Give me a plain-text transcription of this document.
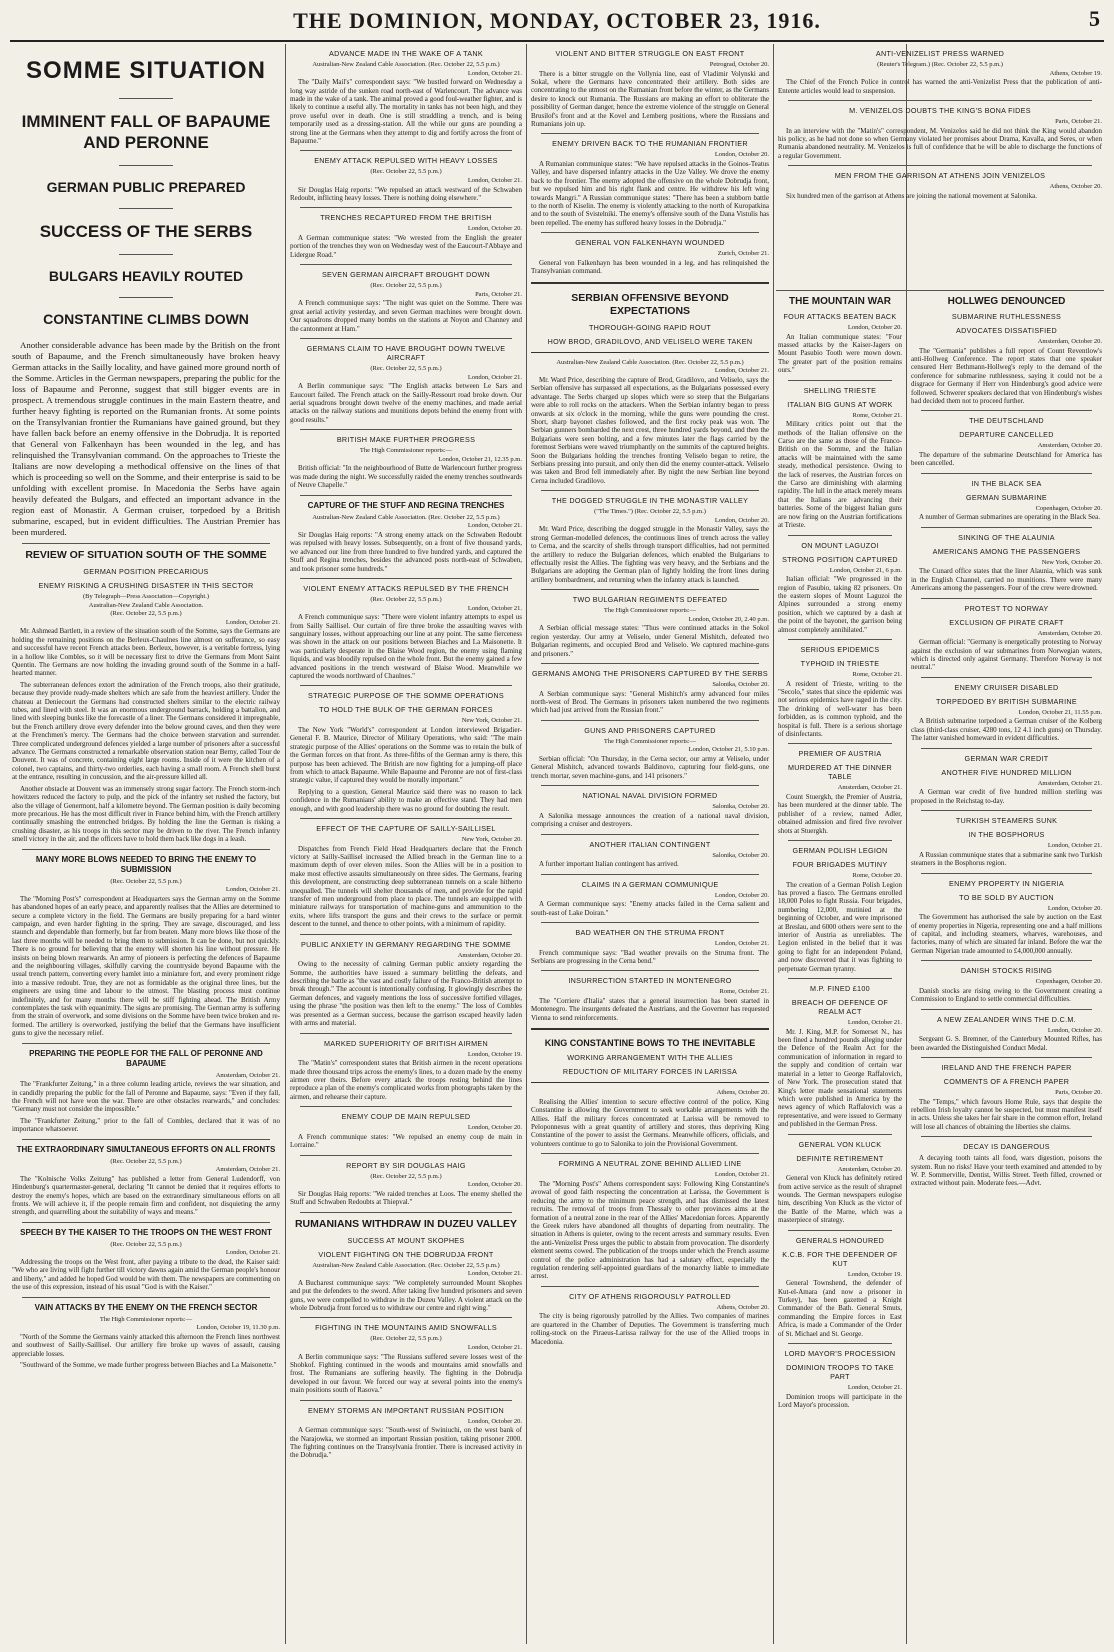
THE DOMINION, MONDAY, OCTOBER 23, 1916.	5
SOMME SITUATION
IMMINENT FALL OF BAPAUME AND PERONNE
GERMAN PUBLIC PREPARED
SUCCESS OF THE SERBS
BULGARS HEAVILY ROUTED
CONSTANTINE CLIMBS DOWN

Another considerable advance has been made by the British on the front south of Bapaume, and the French simultaneously have broken heavy German attacks in the Sailly locality, and have gained more ground north of the Somme. Articles in the German newspapers, preparing the public for the loss of Bapaume and Peronne, suggest that still bigger events are in prospect. A tremendous struggle continues in the main Eastern theatre, and further heavy fighting is reported on the Rumanian fronts. At some points on the Transylvanian frontier the Rumanians have gained ground, but they have fallen back before an enemy offensive in the Dobrudja. It is reported that General von Falkenhayn has been wounded in the leg, and has relinquished the Transylvanian command. On the approaches to Trieste the Italians are now developing a methodical offensive on the lines of that which is proceeding so well on the Somme, and their enterprise is said to be unfolding with excellent promise. In Macedonia the Serbs have again heavily defeated the Bulgars, and effected an important advance in the region east of Monastir. A German cruiser, torpedoed by a British submarine, escaped, but in evident difficulties. The Austrian Premier has been murdered.

REVIEW OF SITUATION SOUTH OF THE SOMME
GERMAN POSITION PRECARIOUS
ENEMY RISKING A CRUSHING DISASTER IN THIS SECTOR
(By Telegraph—Press Association—Copyright.)
Australian-New Zealand Cable Association.
(Rec. October 22, 5.5 p.m.)
London, October 21.

Mr. Ashmead Bartlett, in a review of the situation south of the Somme, says the Germans are holding the remaining positions on the Berleux-Chaulnes line almost on sufferance, so easy and successful have recent French attacks been. Berleux, however, is a veritable fortress, lying in a hollow like Combles, so it will be necessary first to drive the Germans from Mont Saint Quentin. The Germans are now holding the invading ground south of the Somme in a half-hearted manner.

The subterranean defences extort the admiration of the French troops, also their gratitude, because they provide ready-made shelters which are safe from the heaviest artillery. Under the chateau at Deniecourt the Germans had constructed shelters similar to the electric railway tubes, and lined with steel. It was an enormous underground barrack, holding a battalion, and lined with sleeping bunks like the forecastle of a liner. The Germans considered it impregnable, but the French artillery drove every defender into the below ground caves, and then they were at the Frenchmen's mercy. The Germans had the choice between starvation and surrender. Three complicated underground defences yielded a large number of prisoners after a successful advance. The Germans constructed a remarkable observation station near Berny, called Tour de Douvent. It was of concrete, containing eight large rooms. Inside of it were the kitchen of a colonel, two captains, and thirty-two orderlies, each having a small room. A French shell burst at the entrance, resulting in concussion, and the air-pressure killed all.

Another obstacle at Douvent was an immensely strong sugar factory. The French storm-inch howitzers reduced the factory to pulp, and the pick of the infantry set rushed the factory, but also the village of Genermont, half a kilometre beyond. The German position is daily becoming more precarious. He has the most difficult river in France behind him, with the French artillery continually smashing the entrenched bridges. By holding the line the German is risking a crushing disaster, as his troops in this sector may be driven to the river. The French infantry smell victory in the air, and the officers have to hold them back like dogs in a leash.

MANY MORE BLOWS NEEDED TO BRING THE ENEMY TO SUBMISSION
(Rec. October 22, 5.5 p.m.)
London, October 21.

The "Morning Post's" correspondent at Headquarters says the German army on the Somme has abandoned hopes of an early peace, and apparently realises that the Allies are determined to secure a complete victory in the field. The Germans are busily preparing for a hard winter campaign, and even harder fighting in the spring. They are savage, discouraged, and less staunch and dependable than formerly, but far from beaten. Many more blows like those of the last three months will be needed to bring them to submission. It can be done, but not quickly. There is no ground for believing that the enemy will shorten his line without pressure. He insists on being blown rearwards. An army of pioneers is perfecting the defences of Bapaume and the neighbouring villages, skilfully carving the countryside beyond Bapaume with the usual trench pattern, converting every hamlet into a miniature fort, and every prominent ridge into a massive redoubt. True, they are not as formidable as the original three lines, but the engineers are using time and labour to the utmost. The blasting process must continue indefinitely, and for many months there will be stiff fighting ahead. The British Army contemplates the task with equanimity. The signs are promising. The German army is suffering from the strain of overwork, and some divisions on the Somme have been twice broken and re-formed. The artillery is overworked, justifying the belief that the Germans have insufficient guns to give the necessary relief.

PREPARING THE PEOPLE FOR THE FALL OF PERONNE AND BAPAUME
Amsterdam, October 21.

The "Frankfurter Zeitung," in a three column leading article, reviews the war situation, and in candidly preparing the public for the fall of Peronne and Bapaume, says: "Even if they fall, the French will not have won the war. There are other obstacles rearwards," and concludes: "Germany must not consider the impossible."

The "Frankfurter Zeitung," prior to the fall of Combles, declared that it was of no importance whatsoever.

THE EXTRAORDINARY SIMULTANEOUS EFFORTS ON ALL FRONTS
(Rec. October 22, 5.5 p.m.)
Amsterdam, October 21.

The "Kolnische Volks Zeitung" has published a letter from General Ludendorff, von Hindenburg's quartermaster-general, declaring "It cannot be denied that it requires efforts to destroy the enemy's hopes, which are based on the extraordinary simultaneous efforts on all fronts. We will achieve it, if the people remain firm and confident, not disquieting the army strength, and quarrelling about the suitability of ways and means."

SPEECH BY THE KAISER TO THE TROOPS ON THE WEST FRONT
(Rec. October 22, 5.5 p.m.)
London, October 21.

Addressing the troops on the West front, after paying a tribute to the dead, the Kaiser said: "We who are living will fight further till victory dawns again amid the German people's honour and liberty," and added he hoped God would be with them. The newspapers are commenting on the use of this expression, instead of his usual "God is with the Kaiser."

VAIN ATTACKS BY THE ENEMY ON THE FRENCH SECTOR
The High Commissioner reports:—
London, October 19, 11.30 p.m.

"North of the Somme the Germans vainly attacked this afternoon the French lines northwest and southwest of Sailly-Saillisel. Our artillery fire broke up waves of assault, causing appreciable losses.

"Southward of the Somme, we made further progress between Biaches and La Maisonette."

ADVANCE MADE IN THE WAKE OF A TANK
Australian-New Zealand Cable Association. (Rec. October 22, 5.5 p.m.)
London, October 21.

The "Daily Mail's" correspondent says: "We hustled forward on Wednesday a long way astride of the sunken road north-east of Warlencourt. The advance was made in the wake of a tank. The animal proved a good foul-weather fighter, and is likely to continue a useful ally. The mortality in tanks has not been high, and they prove useful over in death. One is still straddling a trench, and is being temporarily used as a dressing-station. All the while our guns are pounding a strong line at the Germans when they attempt to dig and fortify across the front of Bapaume."

ENEMY ATTACK REPULSED WITH HEAVY LOSSES
(Rec. October 22, 5.5 p.m.)
London, October 21.

Sir Douglas Haig reports: "We repulsed an attack westward of the Schwaben Redoubt, inflicting heavy losses. There is nothing doing elsewhere."

TRENCHES RECAPTURED FROM THE BRITISH
London, October 20.

A German communique states: "We wrested from the English the greater portion of the trenches they won on Wednesday west of the Eaucourt-l'Abbaye and Lidergue Road."

SEVEN GERMAN AIRCRAFT BROUGHT DOWN
(Rec. October 22, 5.5 p.m.)
Paris, October 21.

A French communique says: "The night was quiet on the Somme. There was great aerial activity yesterday, and seven German machines were brought down. Our squadrons dropped many bombs on the stations at Noyon and Channey and the cantonment at Ham."

GERMANS CLAIM TO HAVE BROUGHT DOWN TWELVE AIRCRAFT
(Rec. October 22, 5.5 p.m.)
London, October 21.

A Berlin communique says: "The English attacks between Le Sars and Eaucourt failed. The French attack on the Sailly-Ressourt road broke down. Our aerial squadrons brought down twelve of the enemy machines, and made aerial attacks on the railway stations and munitions depots behind the enemy front with good results."

BRITISH MAKE FURTHER PROGRESS
The High Commissioner reports:—
London, October 21, 12.35 p.m.

British official: "In the neighbourhood of Butte de Warlencourt further progress was made during the night. We successfully raided the enemy trenches southwards of Neuve Chapelle."

CAPTURE OF THE STUFF AND REGINA TRENCHES
Australian-New Zealand Cable Association. (Rec. October 22, 5.5 p.m.)
London, October 21.

Sir Douglas Haig reports: "A strong enemy attack on the Schwaben Redoubt was repulsed with heavy losses. Subsequently, on a front of five thousand yards, we advanced our line from three hundred to five hundred yards, and captured the Stuff and Regina trenches, besides the advanced posts north-east of Schwaben, and took prisoner some hundreds."

VIOLENT ENEMY ATTACKS REPULSED BY THE FRENCH
(Rec. October 22, 5.5 p.m.)
London, October 21.

A French communique says: "There were violent infantry attempts to expel us from Sailly Saillisel. Our curtain of fire three broke the assaulting waves with sanguinary losses, without approaching our line at any point. The same fierceness was shown in the attack on our positions between Biaches and La Maisonette. It was particularly desperate in the Blaise Wood region, the enemy using flaming liquids, and was bloodily repulsed on the whole front. But the enemy gained a few advanced positions in the trench westward of Blaise Wood. Meanwhile we captured the woods northward of Chaulnes."

STRATEGIC PURPOSE OF THE SOMME OPERATIONS
TO HOLD THE BULK OF THE GERMAN FORCES
New York, October 21.

The New York "World's" correspondent at London interviewed Brigadier-General F. B. Maurice, Director of Military Operations, who said: "The main strategic purpose of the Allies' operations on the Somme was to retain the bulk of the German forces on that front. As three-fifths of the German army is there, this purpose has been achieved. The British are now fighting for a jumping-off place from which to attack Bapaume. While Bapaume and Peronne are not of first-class strategic value, if captured they would be morally important."

Replying to a question, General Maurice said there was no reason to lack confidence in the Rumanians' ability to make an effective stand. They had men enough, and with good leadership there was no ground for doubting the result.

EFFECT OF THE CAPTURE OF SAILLY-SAILLISEL
New York, October 20.

Dispatches from French Field Head Headquarters declare that the French victory at Sailly-Saillisel increased the Allied breach in the German line to a maximum depth of over eleven miles. Soon the Allies will be in a position to make most effective assaults simultaneously on three sides. The Germans, fearing this development, are constructing deep subterranean tunnels on a scale hitherto unequalled. The tunnels will shelter thousands of men, and provide for the rapid transfer of men underground from place to place. The tunnels are equipped with miniature railways for transportation of machine-guns and ammunition to the exits, where lifts transport the guns and their crews to the surface or permit descent to the tunnel, and thence to other points, with a minimum of rapidity.

PUBLIC ANXIETY IN GERMANY REGARDING THE SOMME
Amsterdam, October 20.

Owing to the necessity of calming German public anxiety regarding the Somme, the authorities have issued a summary belittling the defeats, and describing the battle as "the vast and costly failure of the Franco-British attempt to break through." The account is intentionally confusing. It glowingly describes the German defences, and vaguely mentions the loss of successive fortified villages, using the phrase "the position was then left to the enemy." The loss of Combles was presented as a German success, because the garrison escaped heavily laden with arms and material.

MARKED SUPERIORITY OF BRITISH AIRMEN
London, October 19.

The "Matin's" correspondent states that British airmen in the recent operations made three thousand trips across the enemy's lines, to a dozen made by the enemy airmen over theirs. Before every attack the troops resting behind the lines reproduce a plan of the enemy's complicated works from photographs taken by the airmen, and rehearse their capture.

ENEMY COUP DE MAIN REPULSED
London, October 20.

A French communique states: "We repulsed an enemy coup de main in Lorraine."

REPORT BY SIR DOUGLAS HAIG
(Rec. October 22, 5.5 p.m.)
London, October 20.

Sir Douglas Haig reports: "We raided trenches at Loos. The enemy shelled the Stuff and Schwaben Redoubts at Thiepval."

RUMANIANS WITHDRAW IN DUZEU VALLEY
SUCCESS AT MOUNT SKOPHES
VIOLENT FIGHTING ON THE DOBRUDJA FRONT
Australian-New Zealand Cable Association. (Rec. October 22, 5.5 p.m.)
London, October 21.

A Bucharest communique says: "We completely surrounded Mount Skophes and put the defenders to the sword. After taking five hundred prisoners and seven guns, we were compelled to withdraw in the Duzeu Valley. A violent attack on the whole Dobrudja front forced us to withdraw our centre and right wing."

FIGHTING IN THE MOUNTAINS AMID SNOWFALLS
(Rec. October 22, 5.5 p.m.)
London, October 21.

A Berlin communique says: "The Russians suffered severe losses west of the Shobkof. Fighting continued in the woods and mountains amid snowfalls and frost. The Rumanians are suffering heavily. The fighting in the Dobrudja developed in our favour. We forced our way at several points into the enemy's main positions south of Rasova."

ENEMY STORMS AN IMPORTANT RUSSIAN POSITION
London, October 20.

A German communique says: "South-west of Swiniuchi, on the west bank of the Narajowka, we stormed an important Russian position, taking prisoner 2000. The fighting continues on the Transylvania frontier. There is increased activity in the Dobrudja."

VIOLENT AND BITTER STRUGGLE ON EAST FRONT
Petrograd, October 20.

There is a bitter struggle on the Vollynia line, east of Vladimir Volynski and Sokal, where the Germans have concentrated their artillery. Both sides are concentrating to the utmost on the Rumanian front before the winter, as the Germans desire to knock out Rumania. The Russians are making an effort to obliterate the possibility of German danger, hence the extreme violence of the struggle on General Brusilof's front and at the Kovel and Lemberg positions, where the Russians and Rumanians join up.

ENEMY DRIVEN BACK TO THE RUMANIAN FRONTIER
London, October 20.

A Rumanian communique states: "We have repulsed attacks in the Goinos-Teatus Valley, and have dispersed infantry attacks in the Uze Valley. We drove the enemy back to the frontier. The enemy adopted the offensive on the whole Dobrudja front, but we repulsed him and his right flank and centre. He withdrew his left wing towards Mangri." A Russian communique states: "There has been a stubborn battle to the north of Kiselin. The enemy is violently attacking to the north of Kuropatkina and to the south of Svistelniki. The enemy's offensive south of the Dana Vistulis has been repelled. The enemy has suffered heavy losses in the Dobrudja."

GENERAL VON FALKENHAYN WOUNDED
Zurich, October 21.

General von Falkenhayn has been wounded in a leg, and has relinquished the Transylvanian command.

SERBIAN OFFENSIVE BEYOND EXPECTATIONS
THOROUGH-GOING RAPID ROUT
HOW BROD, GRADILOVO, AND VELISELO WERE TAKEN
Australian-New Zealand Cable Association. (Rec. October 22, 5.5 p.m.)
London, October 21.

Mr. Ward Price, describing the capture of Brod, Gradilovo, and Veliselo, says the Serbian offensive has surpassed all expectations, as the Bulgarians possessed every advantage. The Serbs charged up slopes which were so steep that the Bulgarians were able to roll rocks on the attackers. When the Serbian infantry began to press onwards at six o'clock in the morning, while the guns were pounding the crest. Short, sharp bayonet clashes followed, and the first rocky peak was won. The Serbian gunners bombarded the next crest, three hundred yards beyond, and then the Bulgarians were seen bolting, and a few minutes later the flags carried by the foremost Serbians were waved triumphantly on the summits of the captured heights. Soon the Bulgarians holding the trenches fronting Veliselo began to retire, the Serbians pressing into pursuit, and only then did the enemy counter-attack. Veliselo was taken and Brod fell immediately after. By night the new Serbian line beyond Cerna included Gradilovo.

THE DOGGED STRUGGLE IN THE MONASTIR VALLEY
("The Times.") (Rec. October 22, 5.5 p.m.)
London, October 20.

Mr. Ward Price, describing the dogged struggle in the Monastir Valley, says the strong German-modelled defences, the continuous lines of trench across the valley to Cerna, and the scarcity of shells through transport difficulties, had not permitted the artillery to reduce the Bulgarian defences, which enabled the Bulgarians to effectually resist the Allies. The fighting was very heavy, and the Serbians and the Bulgarians are adopting the German plan of lightly holding the front lines during artillery bombardment, and returning when the infantry attack is launched.

TWO BULGARIAN REGIMENTS DEFEATED
The High Commissioner reports:—
London, October 20, 2.40 p.m.

A Serbian official message states: "Thus were continued attacks in the Sokol region yesterday. Our army at Veliselo, under General Mishitch, defeated two Bulgarian regiments, and occupied Brod and Veliselo. We captured machine-guns and prisoners."

GERMANS AMONG THE PRISONERS CAPTURED BY THE SERBS
Salonika, October 20.

A Serbian communique says: "General Mishitch's army advanced four miles north-west of Brod. The Germans in prisoners taken numbered the two regiments which had just arrived from the Russian front."

GUNS AND PRISONERS CAPTURED
The High Commissioner reports:—
London, October 21, 5.10 p.m.

Serbian official: "On Thursday, in the Cerna sector, our army at Veliselo, under General Mishitch, advanced towards Baldinovo, capturing four field-guns, one trench mortar, seven machine-guns, and 141 prisoners."

NATIONAL NAVAL DIVISION FORMED
Salonika, October 20.

A Salonika message announces the creation of a national naval division, comprising a cruiser and destroyers.

ANOTHER ITALIAN CONTINGENT
Salonika, October 20.

A further important Italian contingent has arrived.

CLAIMS IN A GERMAN COMMUNIQUE
London, October 20.

A German communique says: "Enemy attacks failed in the Cerna salient and south-east of Lake Doiran."

BAD WEATHER ON THE STRUMA FRONT
London, October 21.

French communique says: "Bad weather prevails on the Struma front. The Serbians are progressing in the Cerna bend."

INSURRECTION STARTED IN MONTENEGRO
Rome, October 21.

The "Corriere d'Italia" states that a general insurrection has been started in Montenegro. The insurgents defeated the Austrians, and the Governor has requested Vienna to send reinforcements.

KING CONSTANTINE BOWS TO THE INEVITABLE
WORKING ARRANGEMENT WITH THE ALLIES
REDUCTION OF MILITARY FORCES IN LARISSA
Athens, October 20.

Realising the Allies' intention to secure effective control of the police, King Constantine is allowing the Government to seek workable arrangements with the Allies. Half the military forces concentrated at Larissa will be removed to Peloponnesus with a great quantity of artillery and stores, thus depriving King Constantine of the power to assist the Germans. Meanwhile officers, officials, and volunteers continue to go to Salonika to join the Provisional Government.

FORMING A NEUTRAL ZONE BEHIND ALLIED LINE
London, October 21.

The "Morning Post's" Athens correspondent says: Following King Constantine's avowal of good faith respecting the concentration at Larissa, the Government is reducing the army to the minimum peace strength, and has dismissed the latest recruits. The removal of troops from Thessaly to other provinces aims at the formation of a neutral zone in the rear of the Allies' Macedonian forces. Apparently the Greek rulers have abandoned all thoughts of departing from neutrality. The situation in Athens is quieter, owing to the recent arrests and summary results. Even the anti-Venizelist Press urges the public to abstain from provocation. The disorderly element seems cowed. The publication of the troops under which the French assume control of the police administration has had a salutary effect, especially the regulation rendering self-appointed guardians of the monarchy liable to immediate arrest.

CITY OF ATHENS RIGOROUSLY PATROLLED
Athens, October 20.

The city is being rigorously patrolled by the Allies. Two companies of marines are quartered in the Chamber of Deputies. The Government is transferring much rolling-stock on the Piraeus-Larissa railway for the use of the Allied troops in Macedonia.

ANTI-VENIZELIST PRESS WARNED
(Reuter's Telegram.) (Rec. October 22, 5.5 p.m.)
Athens, October 19.

The Chief of the French Police in control has warned the anti-Venizelist Press that the publication of anti-Entente articles would lead to suspension.

M. VENIZELOS DOUBTS THE KING'S BONA FIDES
Paris, October 21.

In an interview with the "Matin's" correspondent, M. Venizelos said he did not think the King would abandon his policy, as he had not done so when Germany violated her promises about Drama, Kavalla, and Seres, or when Rumania abandoned neutrality. M. Venizelos is full of confidence that he will be able to discharge the functions of a regular Government.

MEN FROM THE GARRISON AT ATHENS JOIN VENIZELOS
Athens, October 20.

Six hundred men of the garrison at Athens are joining the national movement at Salonika.

THE MOUNTAIN WAR
FOUR ATTACKS BEATEN BACK
London, October 20.

An Italian communique states: "Four massed attacks by the Kaiser-Jagers on Mount Pasubio Tooth were mown down. The greater part of the position remains ours."

SHELLING TRIESTE
ITALIAN BIG GUNS AT WORK
Rome, October 21.

Military critics point out that the methods of the Italian offensive on the Carso are the same as those of the Franco-British on the Somme, and the Italian attacks will be maintained with the same steady, methodical persistence. Owing to the lack of reserves, the Austrian forces on the Carso are diminishing with alarming rapidity. The lull in the attack merely means that the Italians are advancing their batteries. Some of the biggest Italian guns are now firing on the Austrian fortifications at Trieste.

ON MOUNT LAGUZOI
STRONG POSITION CAPTURED
London, October 21, 6 p.m.

Italian official: "We progressed in the region of Pasubio, taking 82 prisoners. On the eastern slopes of Mount Laguzoi the Alpines surrounded a strong enemy position, which we captured by a dash at the point of the bayonet, the garrison being almost completely annihilated."

SERIOUS EPIDEMICS
TYPHOID IN TRIESTE
Rome, October 21.

A resident of Trieste, writing to the "Secolo," states that since the epidemic was not serious epidemics have raged in the city. The drinking of well-water has been forbidden, as is common typhoid, and the hospital is full. There is a serious shortage of disinfectants.

PREMIER OF AUSTRIA
MURDERED AT THE DINNER TABLE
Amsterdam, October 21.

Count Stuergkh, the Premier of Austria, has been murdered at the dinner table. The publisher of a review, named Adler, obtained admission and fired five revolver shots at Stuergkh.

GERMAN POLISH LEGION
FOUR BRIGADES MUTINY
Rome, October 20.

The creation of a German Polish Legion has proved a fiasco. The Germans enrolled 18,000 Poles to fight Russia. Four brigades, numbering 12,000, mutinied at the beginning of October, and were imprisoned at Breslau, and 6000 others were sent to the interior of Austria as unreliables. The Legion enlisted in the belief that it was going to fight for an independent Poland, and now discovered that it was fighting to perpetuate German tyranny.

M.P. FINED £100
BREACH OF DEFENCE OF REALM ACT
London, October 21.

Mr. J. King, M.P. for Somerset N., has been fined a hundred pounds alleging under the Defence of the Realm Act for the communication of information in regard to the supply and condition of certain war material in a letter to George Raffalovich, of New York. The prosecution stated that King's letter made sensational statements which were published in America by the news agency of which Raffalovich was a representative, and were issued to Germany and published in the German Press.

GENERAL VON KLUCK
DEFINITE RETIREMENT
Amsterdam, October 20.

General von Kluck has definitely retired from active service as the result of shrapnel wounds. The German newspapers eulogise him, describing Von Kluck as the victor of the Battle of the Marne, which was a masterpiece of strategy.

GENERALS HONOURED
K.C.B. FOR THE DEFENDER OF KUT
London, October 19.

General Townshend, the defender of Kut-el-Amara (and now a prisoner in Turkey), has been gazetted a Knight Commander of the Bath. General Smuts, commanding the Empire forces in East Africa, is made a Commander of the Order of St. Michael and St. George.

LORD MAYOR'S PROCESSION
DOMINION TROOPS TO TAKE PART
London, October 21.

Dominion troops will participate in the Lord Mayor's procession.

HOLLWEG DENOUNCED
SUBMARINE RUTHLESSNESS
ADVOCATES DISSATISFIED
Amsterdam, October 20.

The "Germania" publishes a full report of Count Reventlow's anti-Hollweg Conference. The report states that one speaker censured Herr Bethmann-Hollweg's reply to the demand of the conference for submarine ruthlessness, saying it could not be a disgrace for Germany if Herr von Hindenburg's good advice were followed. Schwerer speakers declared that von Hindenburg's wishes had decided them not to proceed further.

THE DEUTSCHLAND
DEPARTURE CANCELLED
Amsterdam, October 20.

The departure of the submarine Deutschland for America has been cancelled.

IN THE BLACK SEA
GERMAN SUBMARINE
Copenhagen, October 20.

A number of German submarines are operating in the Black Sea.

SINKING OF THE ALAUNIA
AMERICANS AMONG THE PASSENGERS
New York, October 20.

The Cunard office states that the liner Alaunia, which was sunk in the English Channel, carried no munitions. There were many Americans among the passengers. Four of the crew were drowned.

PROTEST TO NORWAY
EXCLUSION OF PIRATE CRAFT
Amsterdam, October 20.

German official: "Germany is energetically protesting to Norway against the exclusion of war submarines from Norwegian waters, which is directed only against Germany. Therefore Norway is not neutral."

ENEMY CRUISER DISABLED
TORPEDOED BY BRITISH SUBMARINE
London, October 21, 11.55 p.m.

A British submarine torpedoed a German cruiser of the Kolberg class (third-class cruiser, 4280 tons, 12 4.1 inch guns) on Thursday. The latter vanished homeward in evident difficulties.

GERMAN WAR CREDIT
ANOTHER FIVE HUNDRED MILLION
Amsterdam, October 21.

A German war credit of five hundred million sterling was proposed in the Reichstag to-day.

TURKISH STEAMERS SUNK
IN THE BOSPHORUS
London, October 21.

A Russian communique states that a submarine sank two Turkish steamers in the Bosphorus region.

ENEMY PROPERTY IN NIGERIA
TO BE SOLD BY AUCTION
London, October 20.

The Government has authorised the sale by auction on the East of enemy properties in Nigeria, representing one and a half millions of capital, and including steamers, wharves, warehouses, and factories, many of which are situated far inland. Before the war the German Nigerian trade amounted to £4,000,000 annually.

DANISH STOCKS RISING
Copenhagen, October 20.

Danish stocks are rising owing to the Government creating a Commission to England to settle commercial difficulties.

A NEW ZEALANDER WINS THE D.C.M.
London, October 20.

Sergeant G. S. Bremner, of the Canterbury Mounted Rifles, has been awarded the Distinguished Conduct Medal.

IRELAND AND THE FRENCH PAPER
COMMENTS OF A FRENCH PAPER
Paris, October 20.

The "Temps," which favours Home Rule, says that despite the rebellion Irish loyalty cannot be suspected, but must manifest itself in acts. Unless she takes her fair share in the common effort, Ireland will lose all chances of obtaining the liberties she claims.

DECAY IS DANGEROUS

A decaying tooth taints all food, wars digestion, poisons the system. Run no risks! Have your teeth examined and attended to by W. P. Sommerville, Dentist, Willis Street. Teeth filled, crowned or extracted without pain. Moderate fees.—Advt.
